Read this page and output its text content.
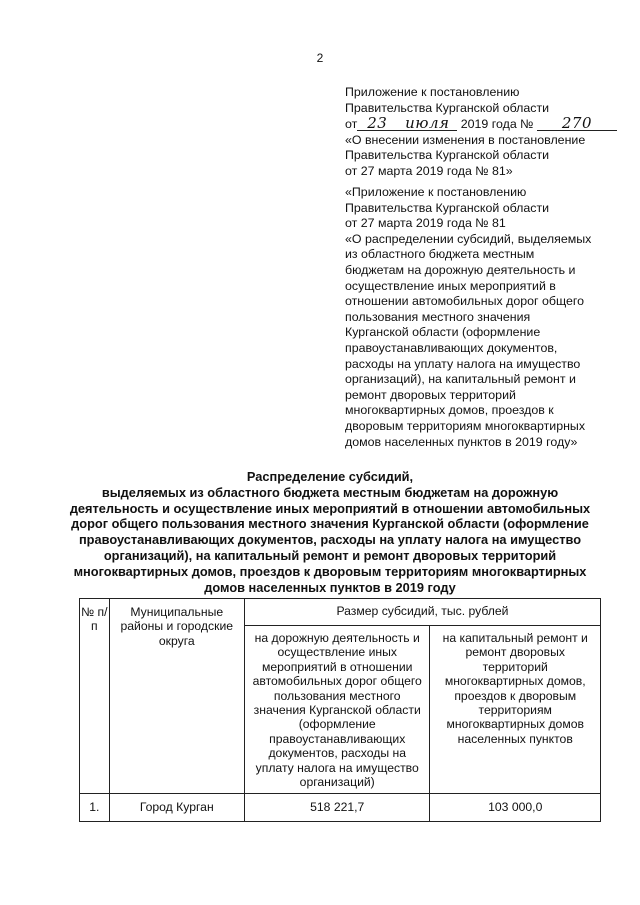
2
Приложение к постановлению
Правительства Курганской области
от 23 июля 2019 года № 270
«О внесении изменения в постановление
Правительства Курганской области
от 27 марта 2019 года № 81»
«Приложение к постановлению
Правительства Курганской области
от 27 марта 2019 года № 81
«О распределении субсидий, выделяемых
из областного бюджета местным
бюджетам на дорожную деятельность и
осуществление иных мероприятий в
отношении автомобильных дорог общего
пользования местного значения
Курганской области (оформление
правоустанавливающих документов,
расходы на уплату налога на имущество
организаций), на капитальный ремонт и
ремонт дворовых территорий
многоквартирных домов, проездов к
дворовым территориям многоквартирных
домов населенных пунктов в 2019 году»
Распределение субсидий,
выделяемых из областного бюджета местным бюджетам на дорожную
деятельность и осуществление иных мероприятий в отношении автомобильных
дорог общего пользования местного значения Курганской области (оформление
правоустанавливающих документов, расходы на уплату налога на имущество
организаций), на капитальный ремонт и ремонт дворовых территорий
многоквартирных домов, проездов к дворовым территориям многоквартирных
домов населенных пунктов в 2019 году
№ п/п	Муниципальные районы и городские округа	Размер субсидий, тыс. рублей	
		на дорожную деятельность и осуществление иных мероприятий в отношении автомобильных дорог общего пользования местного значения Курганской области (оформление правоустанавливающих документов, расходы на уплату налога на имущество организаций)	на капитальный ремонт и ремонт дворовых территорий многоквартирных домов, проездов к дворовым территориям многоквартирных домов населенных пунктов
1.	Город Курган	518 221,7	103 000,0
